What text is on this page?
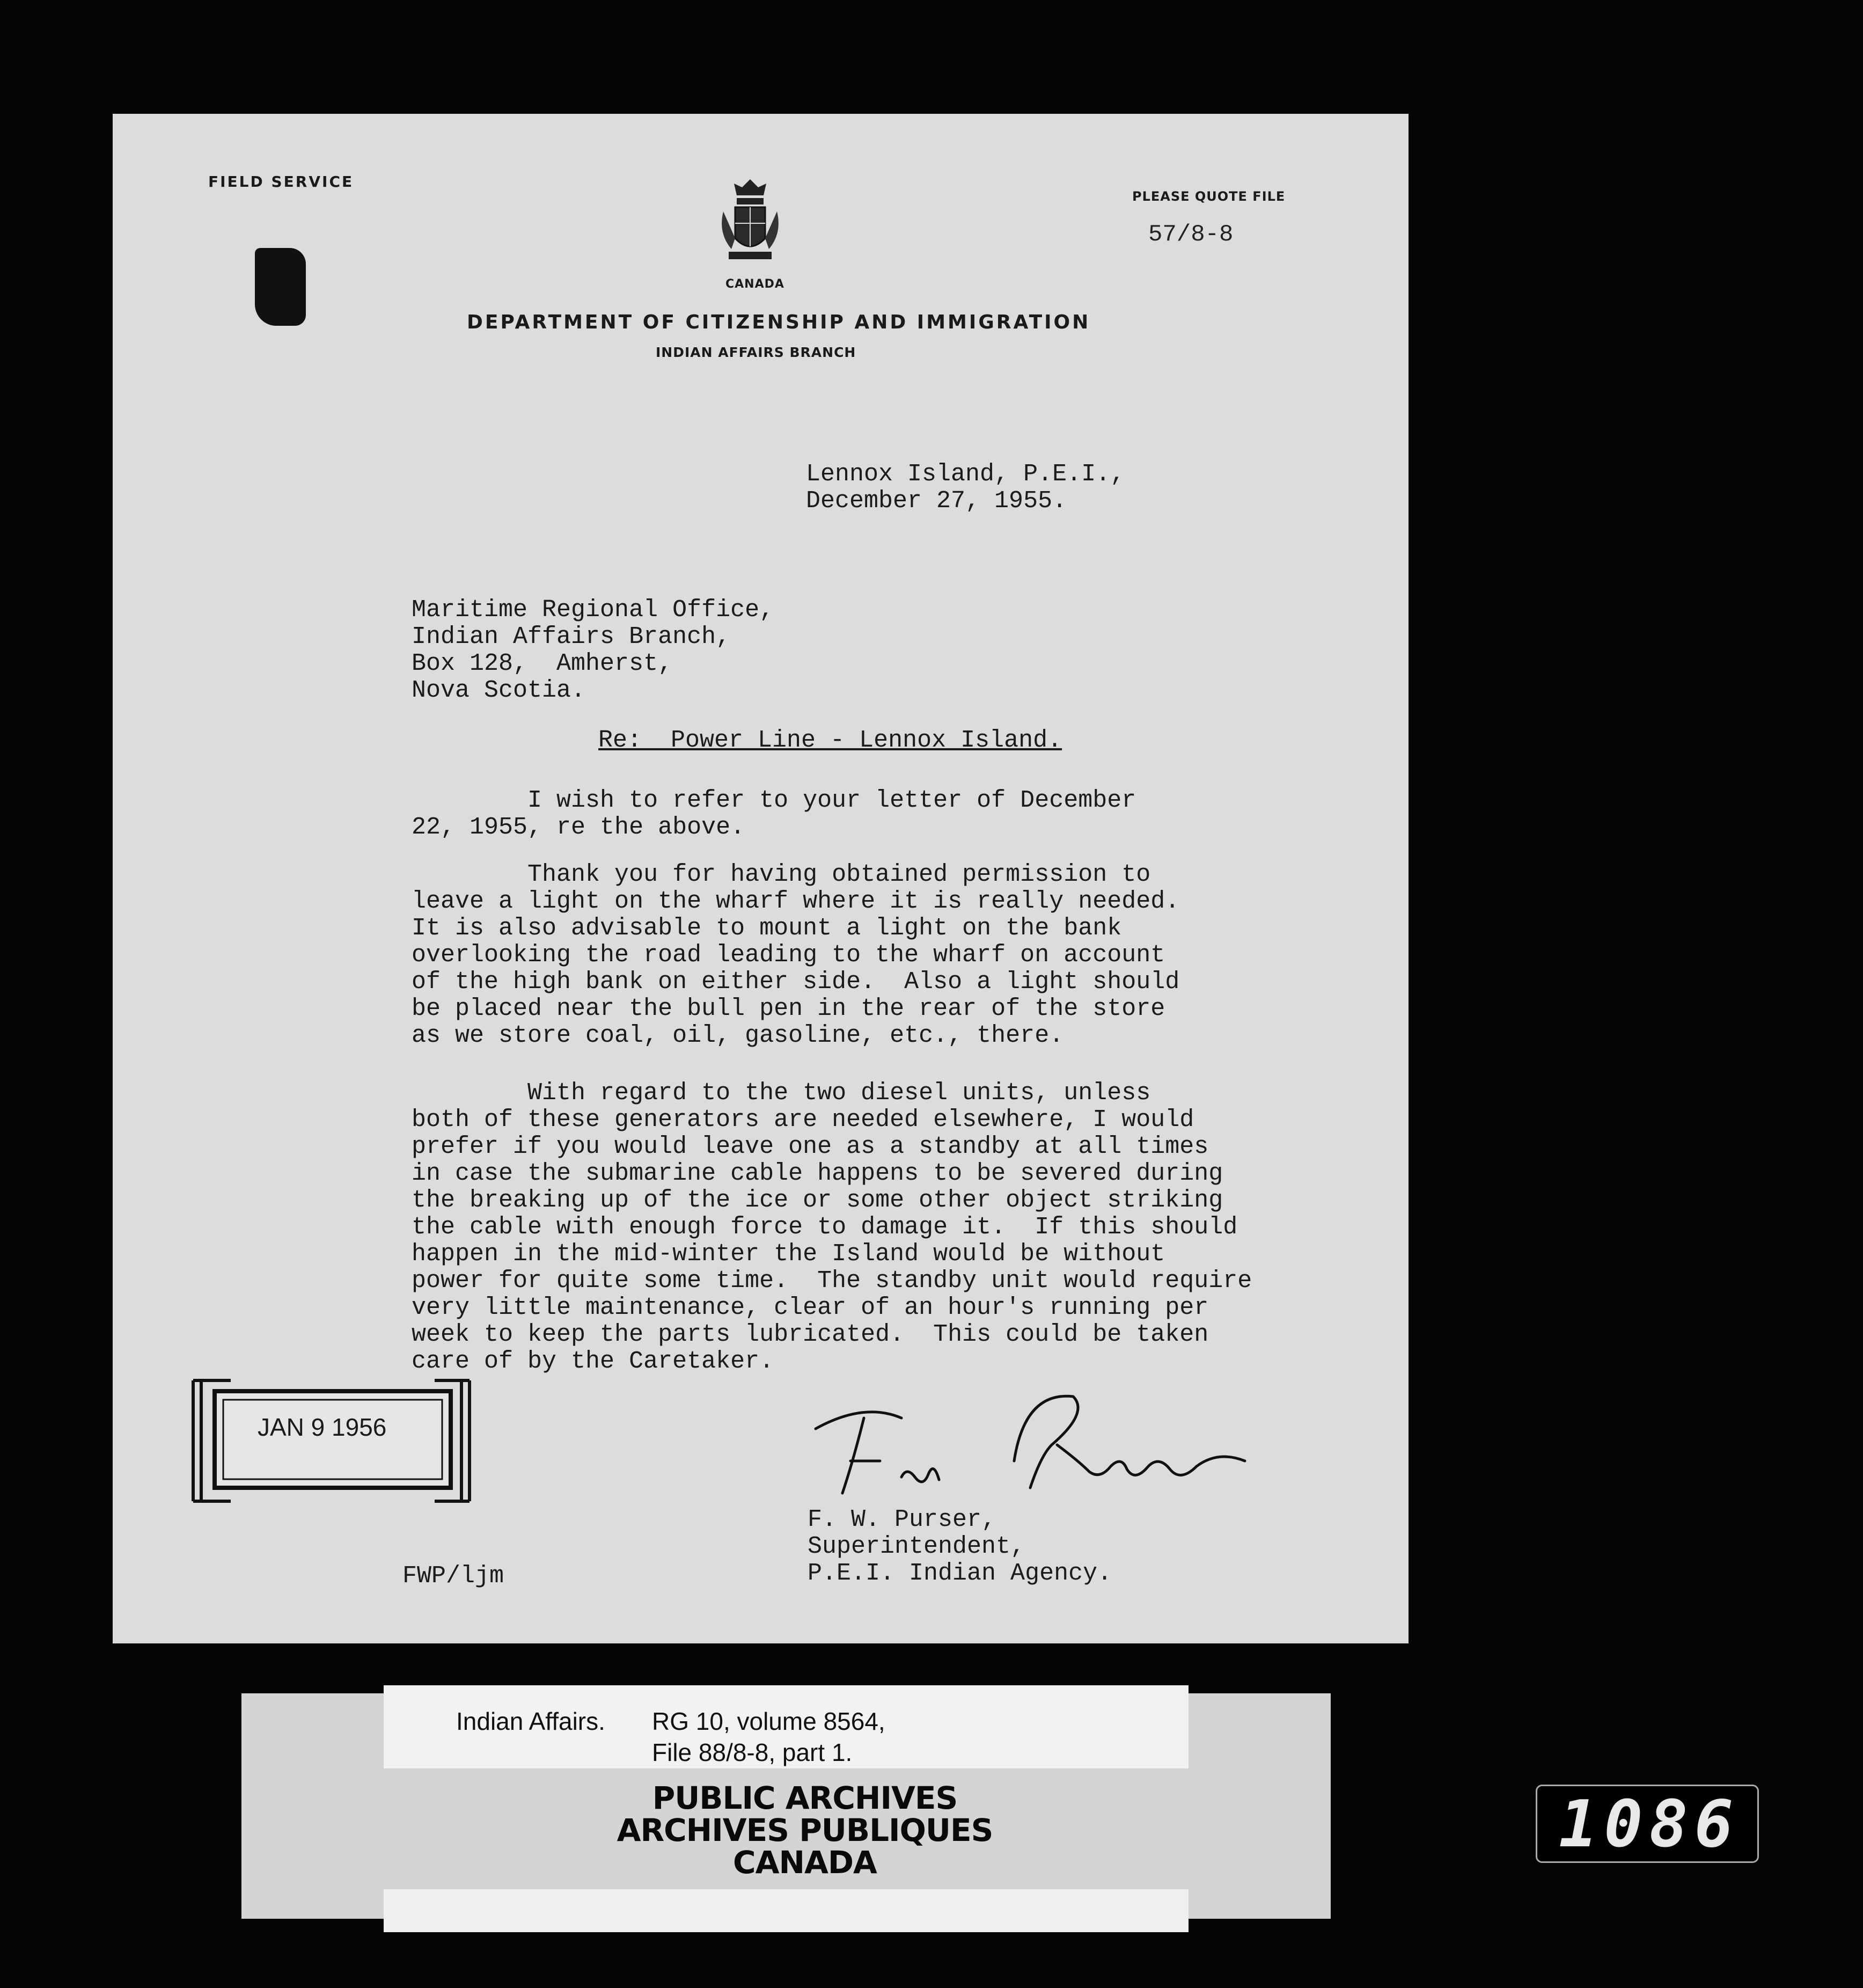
FIELD SERVICE
PLEASE QUOTE FILE
57/8-8
CANADA
DEPARTMENT OF CITIZENSHIP AND IMMIGRATION
INDIAN AFFAIRS BRANCH
Lennox Island, P.E.I.,
December 27, 1955.
Maritime Regional Office,
Indian Affairs Branch,
Box 128,  Amherst,
Nova Scotia.
Re:  Power Line - Lennox Island.
I wish to refer to your letter of December
22, 1955, re the above.
Thank you for having obtained permission to
leave a light on the wharf where it is really needed.
It is also advisable to mount a light on the bank
overlooking the road leading to the wharf on account
of the high bank on either side.  Also a light should
be placed near the bull pen in the rear of the store
as we store coal, oil, gasoline, etc., there.
With regard to the two diesel units, unless
both of these generators are needed elsewhere, I would
prefer if you would leave one as a standby at all times
in case the submarine cable happens to be severed during
the breaking up of the ice or some other object striking
the cable with enough force to damage it.  If this should
happen in the mid-winter the Island would be without
power for quite some time.  The standby unit would require
very little maintenance, clear of an hour's running per
week to keep the parts lubricated.  This could be taken
care of by the Caretaker.
F. W. Purser,
Superintendent,
P.E.I. Indian Agency.
FWP/ljm
JAN 9 1956
Indian Affairs. RG 10, volume 8564,
File 88/8-8, part 1.
PUBLIC ARCHIVES
ARCHIVES PUBLIQUES
CANADA
1086
